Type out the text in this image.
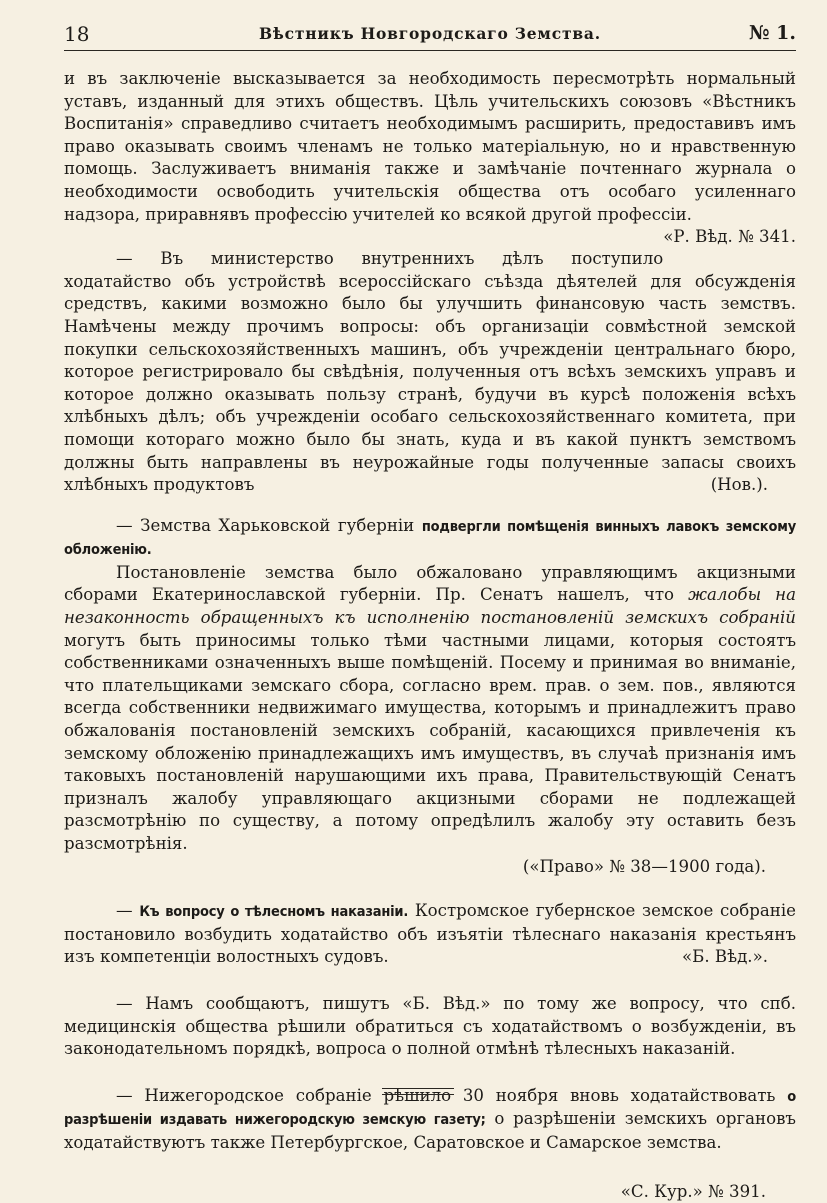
18	Вѣстникъ Новгородскаго Земства.	№ 1.

и въ заключеніе высказывается за необходимость пересмотрѣть нормальный уставъ, изданный для этихъ обществъ. Цѣль учительскихъ союзовъ «Вѣстникъ Воспитанія» справедливо считаетъ необходимымъ расширить, предоставивъ имъ право оказывать своимъ членамъ не только матеріальную, но и нравственную помощь. Заслуживаетъ вниманія также и замѣчаніе почтеннаго журнала о необходимости освободить учительскія общества отъ особаго усиленнаго надзора, приравнявъ профессію учителей ко всякой другой профессіи.
«Р. Вѣд. № 341.

— Въ министерство внутреннихъ дѣлъ поступило ходатайство объ устройствѣ всероссійскаго съѣзда дѣятелей для обсужденія средствъ, какими возможно было бы улучшить финансовую часть земствъ. Намѣчены между прочимъ вопросы: объ организаціи совмѣстной земской покупки сельскохозяйственныхъ машинъ, объ учрежденіи центральнаго бюро, которое регистрировало бы свѣдѣнія, полученныя отъ всѣхъ земскихъ управъ и которое должно оказывать пользу странѣ, будучи въ курсѣ положенія всѣхъ хлѣбныхъ дѣлъ; объ учрежденіи особаго сельскохозяйственнаго комитета, при помощи котораго можно было бы знать, куда и въ какой пунктъ земствомъ должны быть направлены въ неурожайные годы полученные запасы своихъ хлѣбныхъ продуктовъ	(Нов.).

— Земства Харьковской губерніи подвергли помѣщенія винныхъ лавокъ земскому обложенію.

Постановленіе земства было обжаловано управляющимъ акцизными сборами Екатеринославской губерніи. Пр. Сенатъ нашелъ, что жалобы на незаконность обращенныхъ къ исполненію постановленій земскихъ собраній могутъ быть приносимы только тѣми частными лицами, которыя состоятъ собственниками означенныхъ выше помѣщеній. Посему и принимая во вниманіе, что плательщиками земскаго сбора, согласно врем. прав. о зем. пов., являются всегда собственники недвижимаго имущества, которымъ и принадлежитъ право обжалованія постановленій земскихъ собраній, касающихся привлеченія къ земскому обложенію принадлежащихъ имъ имуществъ, въ случаѣ признанія имъ таковыхъ постановленій нарушающими ихъ права, Правительствующій Сенатъ призналъ жалобу управляющаго акцизными сборами не подлежащей разсмотрѣнію по существу, а потому опредѣлилъ жалобу эту оставить безъ разсмотрѣнія.

(«Право» № 38—1900 года).

— Къ вопросу о тѣлесномъ наказаніи. Костромское губернское земское собраніе постановило возбудить ходатайство объ изъятіи тѣлеснаго наказанія крестьянъ изъ компетенціи волостныхъ судовъ.	«Б. Вѣд.».

— Намъ сообщаютъ, пишутъ «Б. Вѣд.» по тому же вопросу, что спб. медицинскія общества рѣшили обратиться съ ходатайствомъ о возбужденіи, въ законодательномъ порядкѣ, вопроса о полной отмѣнѣ тѣлесныхъ наказаній.

— Нижегородское собраніе рѣшило 30 ноября вновь ходатайствовать о разрѣшеніи издавать нижегородскую земскую газету; о разрѣшеніи земскихъ органовъ ходатайствуютъ также Петербургское, Саратовское и Самарское земства.

«С. Кур.» № 391.
